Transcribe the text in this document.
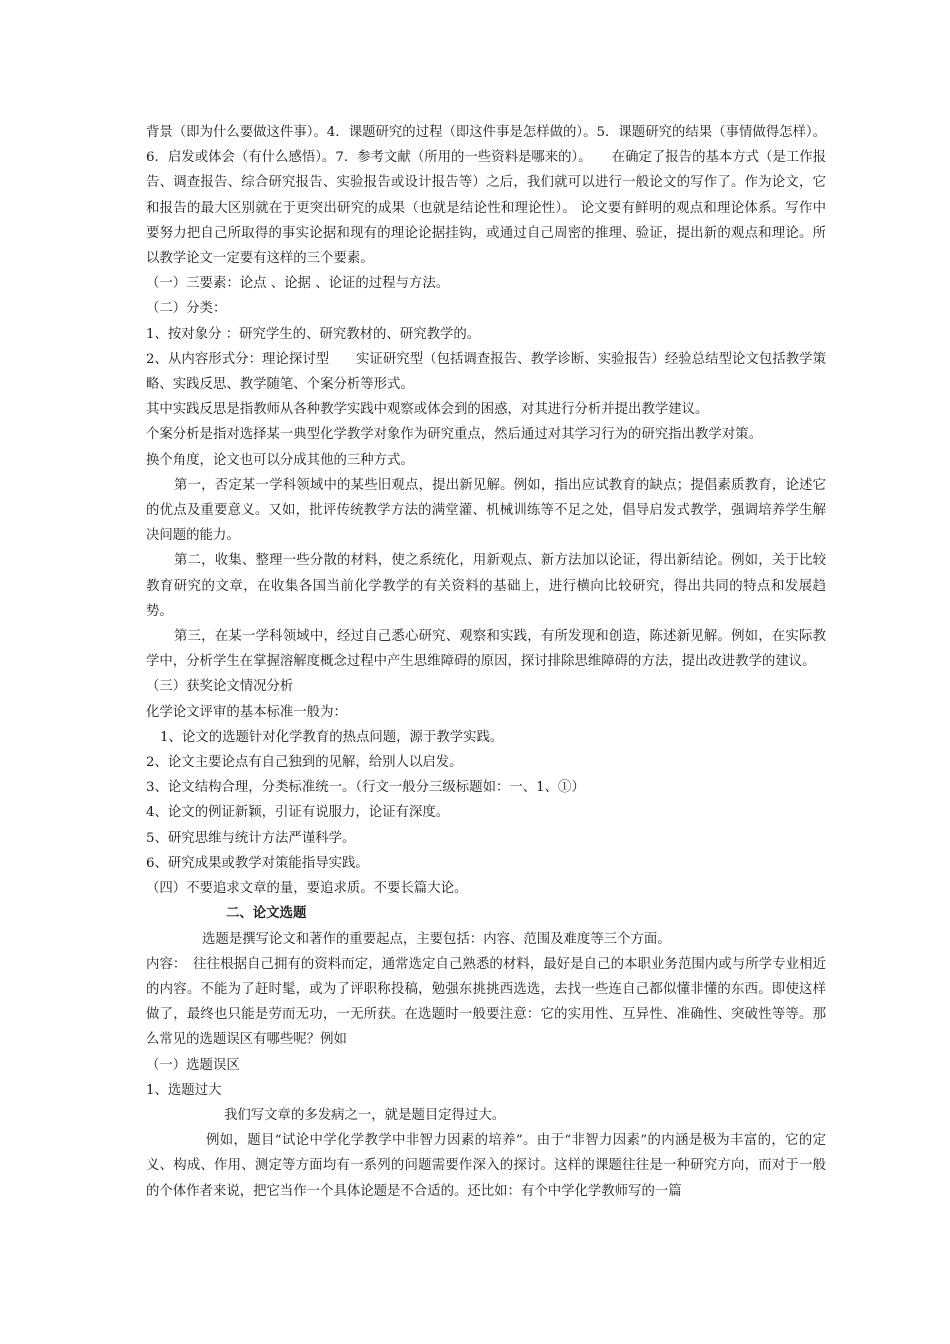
背景（即为什么要做这件事）。4．课题研究的过程（即这件事是怎样做的）。5．课题研究的结果（事情做得怎样）。6．启发或体会（有什么感悟）。7．参考文献（所用的一些资料是哪来的）。　　在确定了报告的基本方式（是工作报告、调查报告、综合研究报告、实验报告或设计报告等）之后，我们就可以进行一般论文的写作了。作为论文，它和报告的最大区别就在于更突出研究的成果（也就是结论性和理论性）。 论文要有鲜明的观点和理论体系。写作中要努力把自己所取得的事实论据和现有的理论论据挂钩，或通过自己周密的推理、验证，提出新的观点和理论。所以教学论文一定要有这样的三个要素。

（一）三要素：论点 、论据 、论证的过程与方法。

（二）分类：

1、按对象分 ：研究学生的、研究教材的、研究教学的。

2、从内容形式分：理论探讨型　　实证研究型（包括调查报告、教学诊断、实验报告）经验总结型论文包括教学策略、实践反思、教学随笔、个案分析等形式。

其中实践反思是指教师从各种教学实践中观察或体会到的困惑，对其进行分析并提出教学建议。

个案分析是指对选择某一典型化学教学对象作为研究重点，然后通过对其学习行为的研究指出教学对策。

换个角度，论文也可以分成其他的三种方式。

第一，否定某一学科领域中的某些旧观点，提出新见解。例如，指出应试教育的缺点；提倡素质教育，论述它的优点及重要意义。又如，批评传统教学方法的满堂灌、机械训练等不足之处，倡导启发式教学，强调培养学生解决问题的能力。

第二，收集、整理一些分散的材料，使之系统化，用新观点、新方法加以论证，得出新结论。例如，关于比较教育研究的文章，在收集各国当前化学教学的有关资料的基础上，进行横向比较研究，得出共同的特点和发展趋势。

第三，在某一学科领域中，经过自己悉心研究、观察和实践，有所发现和创造，陈述新见解。例如，在实际教学中，分析学生在掌握溶解度概念过程中产生思维障碍的原因，探讨排除思维障碍的方法，提出改进教学的建议。

（三）获奖论文情况分析

化学论文评审的基本标准一般为：

1、论文的选题针对化学教育的热点问题，源于教学实践。

2、论文主要论点有自己独到的见解，给别人以启发。

3、论文结构合理，分类标准统一。（行文一般分三级标题如：一、1、①）

4、论文的例证新颖，引证有说服力，论证有深度。

5、研究思维与统计方法严谨科学。

6、研究成果或教学对策能指导实践。

（四）不要追求文章的量，要追求质。不要长篇大论。

二、论文选题

选题是撰写论文和著作的重要起点，主要包括：内容、范围及难度等三个方面。

内容：　往往根据自己拥有的资料而定，通常选定自己熟悉的材料，最好是自己的本职业务范围内或与所学专业相近的内容。不能为了赶时髦，或为了评职称投稿，勉强东挑挑西选选，去找一些连自己都似懂非懂的东西。即使这样做了，最终也只能是劳而无功，一无所获。在选题时一般要注意：它的实用性、互异性、准确性、突破性等等。那么常见的选题误区有哪些呢？例如

（一）选题误区

1、选题过大

我们写文章的多发病之一，就是题目定得过大。

例如，题目“试论中学化学教学中非智力因素的培养”。由于“非智力因素”的内涵是极为丰富的，它的定义、构成、作用、测定等方面均有一系列的问题需要作深入的探讨。这样的课题往往是一种研究方向，而对于一般的个体作者来说，把它当作一个具体论题是不合适的。还比如：有个中学化学教师写的一篇
